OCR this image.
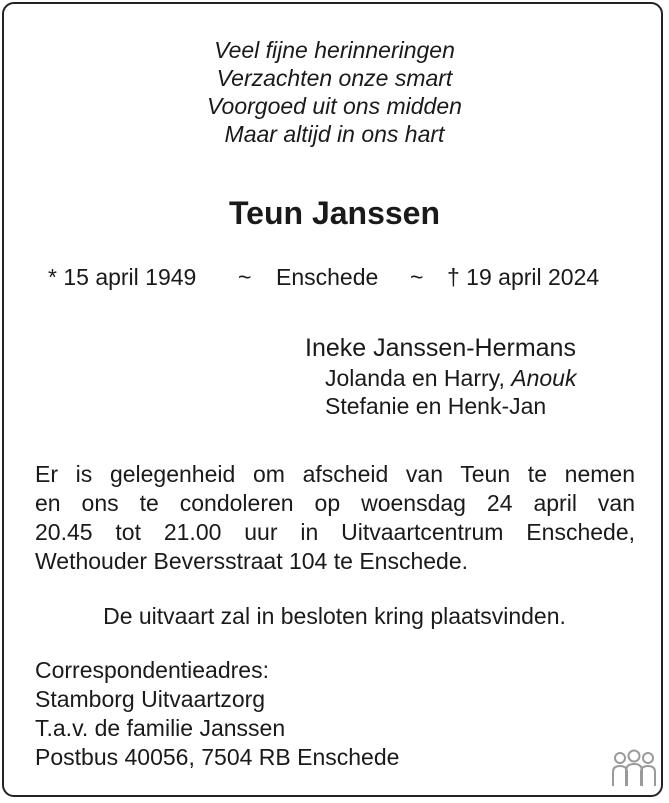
Veel fijne herinneringen
Verzachten onze smart
Voorgoed uit ons midden
Maar altijd in ons hart
Teun Janssen
* 15 april 1949 ~ Enschede ~ † 19 april 2024
Ineke Janssen-Hermans
Jolanda en Harry, Anouk
Stefanie en Henk-Jan
Er is gelegenheid om afscheid van Teun te nemen
en ons te condoleren op woensdag 24 april van
20.45 tot 21.00 uur in Uitvaartcentrum Enschede,
Wethouder Beversstraat 104 te Enschede.
De uitvaart zal in besloten kring plaatsvinden.
Correspondentieadres:
Stamborg Uitvaartzorg
T.a.v. de familie Janssen
Postbus 40056, 7504 RB Enschede
